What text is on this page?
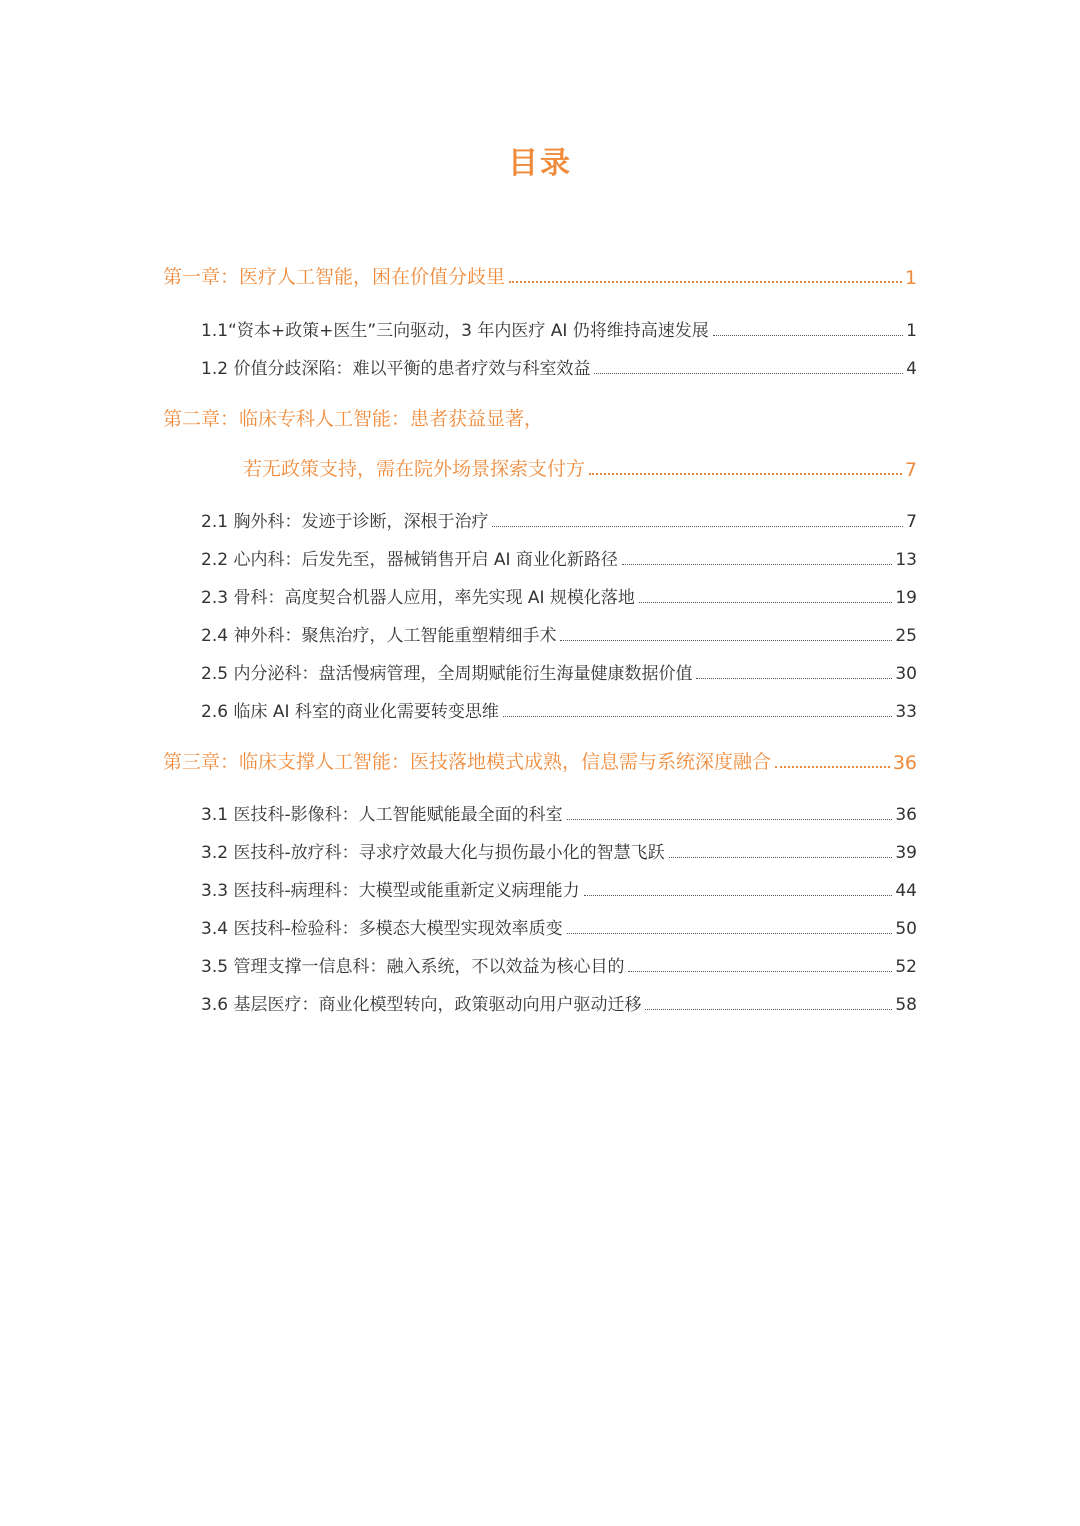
目录
第一章：医疗人工智能，困在价值分歧里	1
1.1“资本+政策+医生”三向驱动，3 年内医疗 AI 仍将维持高速发展	1
1.2 价值分歧深陷：难以平衡的患者疗效与科室效益	4
第二章：临床专科人工智能：患者获益显著，
若无政策支持，需在院外场景探索支付方	7
2.1 胸外科：发迹于诊断，深根于治疗	7
2.2 心内科：后发先至，器械销售开启 AI 商业化新路径	13
2.3 骨科：高度契合机器人应用，率先实现 AI 规模化落地	19
2.4 神外科：聚焦治疗，人工智能重塑精细手术	25
2.5 内分泌科：盘活慢病管理，全周期赋能衍生海量健康数据价值	30
2.6 临床 AI 科室的商业化需要转变思维	33
第三章：临床支撑人工智能：医技落地模式成熟，信息需与系统深度融合	36
3.1 医技科-影像科：人工智能赋能最全面的科室	36
3.2 医技科-放疗科：寻求疗效最大化与损伤最小化的智慧飞跃	39
3.3 医技科-病理科：大模型或能重新定义病理能力	44
3.4 医技科-检验科：多模态大模型实现效率质变	50
3.5 管理支撑一信息科：融入系统，不以效益为核心目的	52
3.6 基层医疗：商业化模型转向，政策驱动向用户驱动迁移	58
